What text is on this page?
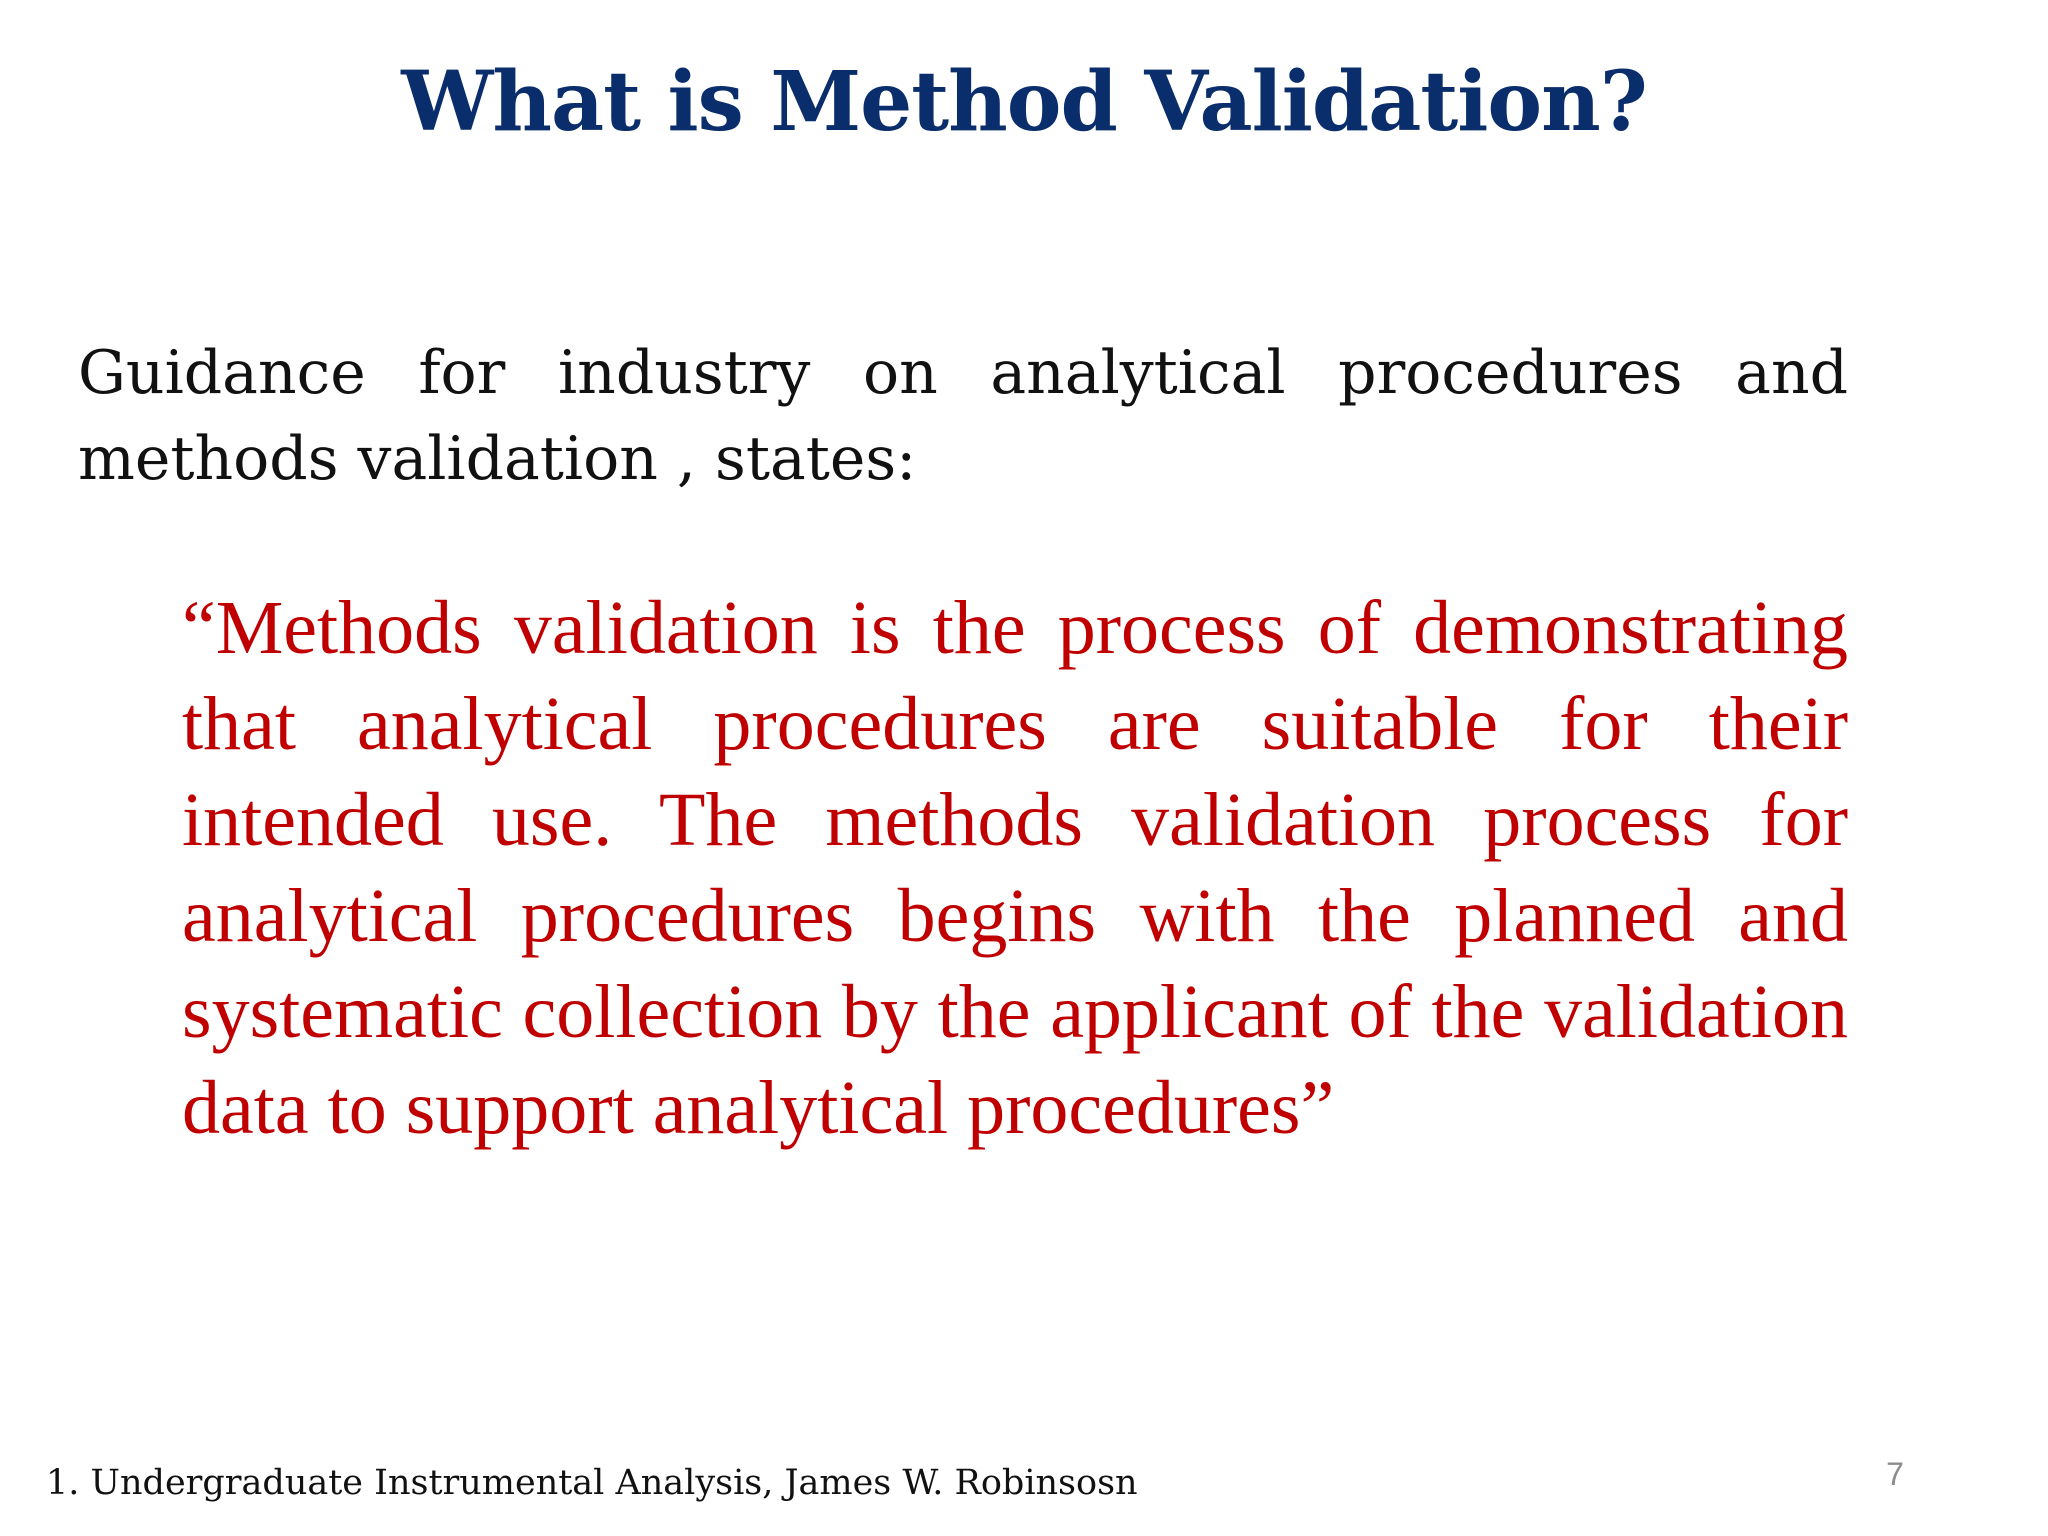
What is Method Validation?

Guidance for industry on analytical procedures and methods validation , states:

“Methods validation is the process of demonstrating that analytical procedures are suitable for their intended use. The methods validation process for analytical procedures begins with the planned and systematic collection by the applicant of the validation data to support analytical procedures”

1. Undergraduate Instrumental Analysis, James W. Robinsosn	7
